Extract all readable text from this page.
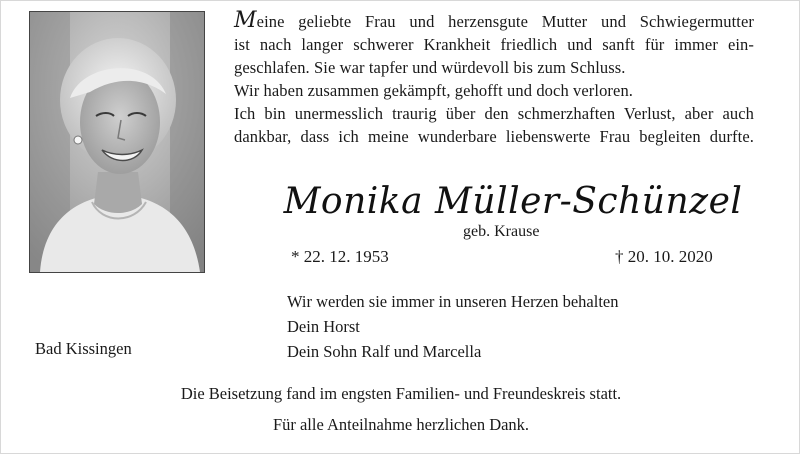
Meine geliebte Frau und herzensgute Mutter und Schwiegermutter
ist nach langer schwerer Krankheit friedlich und sanft für immer ein-
geschlafen. Sie war tapfer und würdevoll bis zum Schluss.
Wir haben zusammen gekämpft, gehofft und doch verloren.
Ich bin unermesslich traurig über den schmerzhaften Verlust, aber auch
dankbar, dass ich meine wunderbare liebenswerte Frau begleiten durfte.
Monika Müller-Schünzel
geb. Krause
* 22. 12. 1953	† 20. 10. 2020
Wir werden sie immer in unseren Herzen behalten
Dein Horst
Dein Sohn Ralf und Marcella
Bad Kissingen
Die Beisetzung fand im engsten Familien- und Freundeskreis statt.
Für alle Anteilnahme herzlichen Dank.
